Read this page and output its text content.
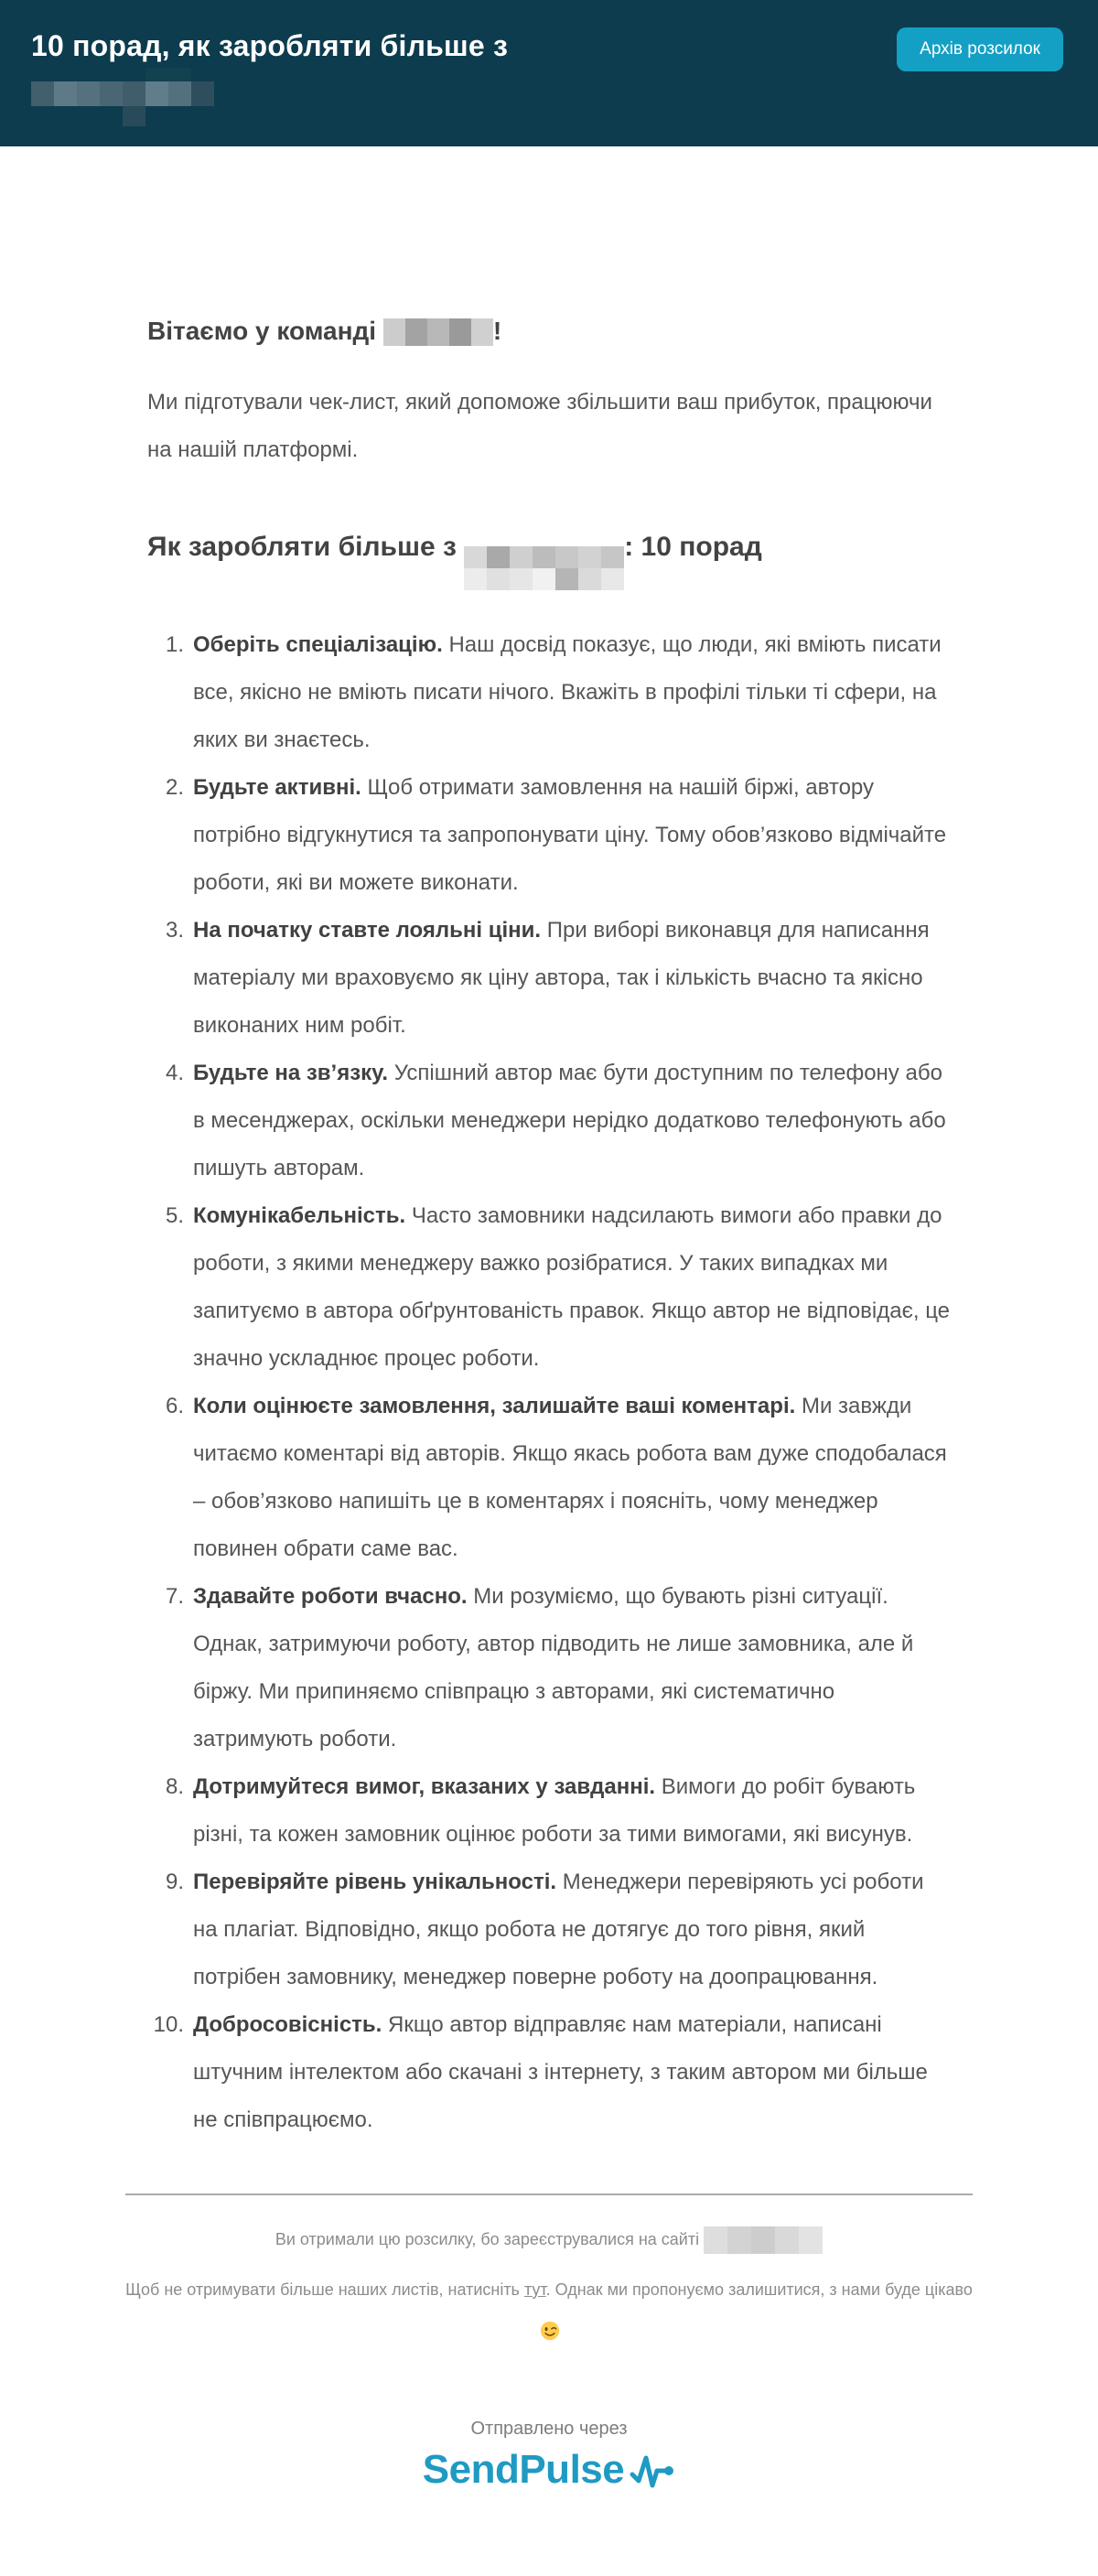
10 порад, як заробляти більше з	Архів розсилок
Вітаємо у команді	!

Ми підготували чек-лист, який допоможе збільшити ваш прибуток, працюючи на нашій платформі.

Як заробляти більше з	: 10 порад
Оберіть спеціалізацію. Наш досвід показує, що люди, які вміють писати все, якісно не вміють писати нічого. Вкажіть в профілі тільки ті сфери, на яких ви знаєтесь.
Будьте активні. Щоб отримати замовлення на нашій біржі, автору потрібно відгукнутися та запропонувати ціну. Тому обов’язково відмічайте роботи, які ви можете виконати.
На початку ставте лояльні ціни. При виборі виконавця для написання матеріалу ми враховуємо як ціну автора, так і кількість вчасно та якісно виконаних ним робіт.
Будьте на зв’язку. Успішний автор має бути доступним по телефону або в месенджерах, оскільки менеджери нерідко додатково телефонують або пишуть авторам.
Комунікабельність. Часто замовники надсилають вимоги або правки до роботи, з якими менеджеру важко розібратися. У таких випадках ми запитуємо в автора обґрунтованість правок. Якщо автор не відповідає, це значно ускладнює процес роботи.
Коли оцінюєте замовлення, залишайте ваші коментарі. Ми завжди читаємо коментарі від авторів. Якщо якась робота вам дуже сподобалася – обов’язково напишіть це в коментарях і поясніть, чому менеджер повинен обрати саме вас.
Здавайте роботи вчасно. Ми розуміємо, що бувають різні ситуації. Однак, затримуючи роботу, автор підводить не лише замовника, але й біржу. Ми припиняємо співпрацю з авторами, які систематично затримують роботи.
Дотримуйтеся вимог, вказаних у завданні. Вимоги до робіт бувають різні, та кожен замовник оцінює роботи за тими вимогами, які висунув.
Перевіряйте рівень унікальності. Менеджери перевіряють усі роботи на плагіат. Відповідно, якщо робота не дотягує до того рівня, який потрібен замовнику, менеджер поверне роботу на доопрацювання.
Добросовісність. Якщо автор відправляє нам матеріали, написані штучним інтелектом або скачані з інтернету, з таким автором ми більше не співпрацюємо.

Ви отримали цю розсилку, бо зареєструвалися на сайті

Щоб не отримувати більше наших листів, натисніть тут. Однак ми пропонуємо залишитися, з нами буде цікаво

Отправлено через
SendPulse
